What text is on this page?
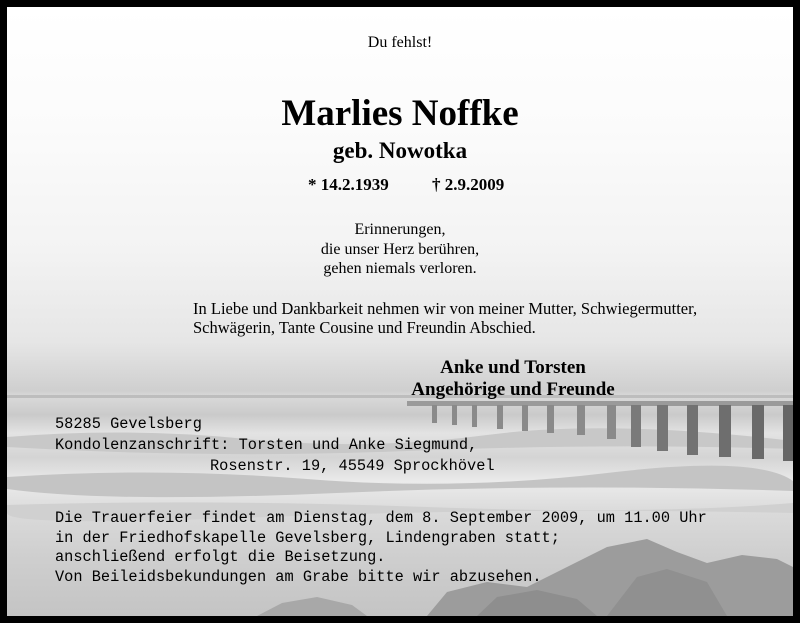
Du fehlst!
Marlies Noffke
geb. Nowotka
* 14.2.1939	† 2.9.2009
Erinnerungen,
die unser Herz berühren,
gehen niemals verloren.
In Liebe und Dankbarkeit nehmen wir von meiner Mutter, Schwiegermutter,
Schwägerin, Tante Cousine und Freundin Abschied.
Anke und Torsten
Angehörige und Freunde
58285 Gevelsberg
Kondolenzanschrift: Torsten und Anke Siegmund,
Rosenstr. 19, 45549 Sprockhövel
Die Trauerfeier findet am Dienstag, dem 8. September 2009, um 11.00 Uhr
in der Friedhofskapelle Gevelsberg, Lindengraben statt;
anschließend erfolgt die Beisetzung.
Von Beileidsbekundungen am Grabe bitte wir abzusehen.
